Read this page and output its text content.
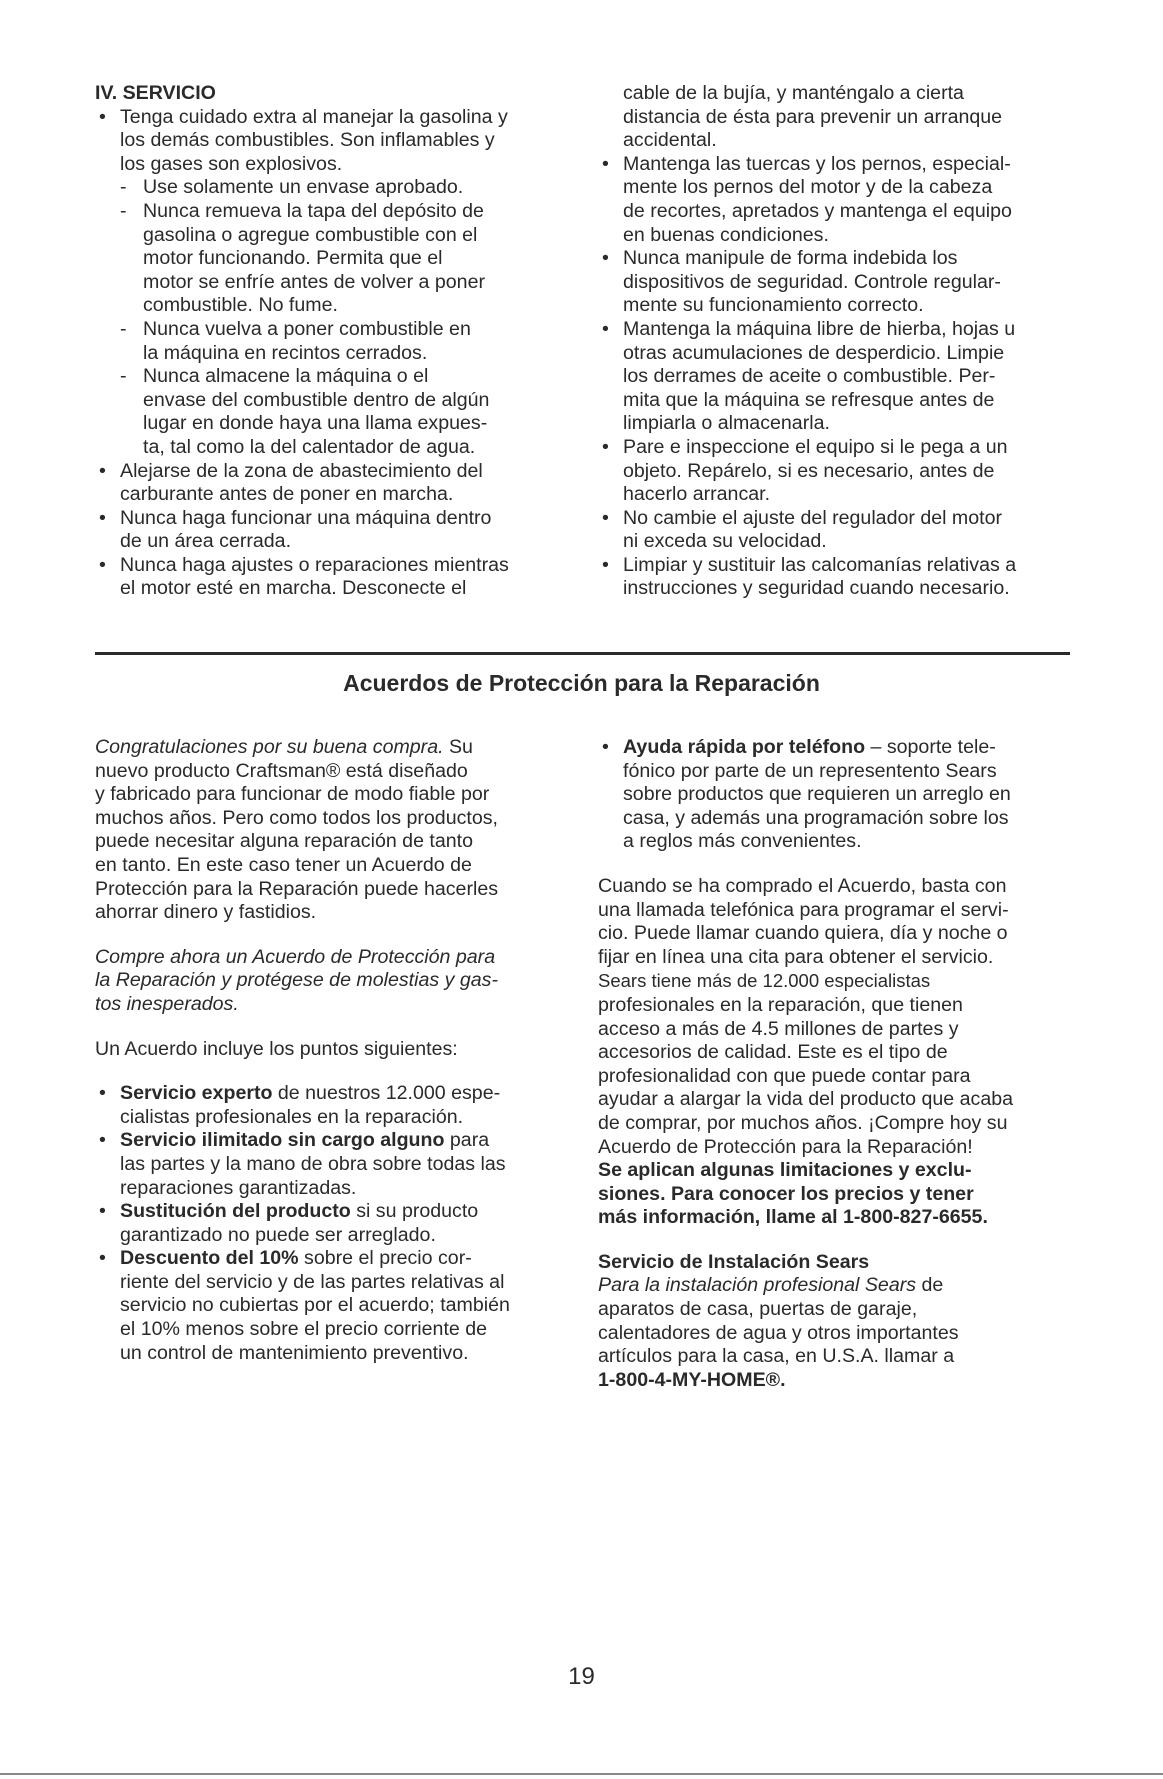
IV. SERVICIO

• Tenga cuidado extra al manejar la gasolina y

los demás combustibles. Son inflamables y

los gases son explosivos.

- Use solamente un envase aprobado.

- Nunca remueva la tapa del depósito de

gasolina o agregue combustible con el

motor funcionando. Permita que el

motor se enfríe antes de volver a poner

combustible. No fume.

- Nunca vuelva a poner combustible en

la máquina en recintos cerrados.

- Nunca almacene la máquina o el

envase del combustible dentro de algún

lugar en donde haya una llama expues-

ta, tal como la del calentador de agua.

• Alejarse de la zona de abastecimiento del

carburante antes de poner en marcha.

• Nunca haga funcionar una máquina dentro

de un área cerrada.

• Nunca haga ajustes o reparaciones mientras

el motor esté en marcha. Desconecte el

cable de la bujía, y manténgalo a cierta

distancia de ésta para prevenir un arranque

accidental.

• Mantenga las tuercas y los pernos, especial-

mente los pernos del motor y de la cabeza

de recortes, apretados y mantenga el equipo

en buenas condiciones.

• Nunca manipule de forma indebida los

dispositivos de seguridad. Controle regular-

mente su funcionamiento correcto.

• Mantenga la máquina libre de hierba, hojas u

otras acumulaciones de desperdicio. Limpie

los derrames de aceite o combustible. Per-

mita que la máquina se refresque antes de

limpiarla o almacenarla.

• Pare e inspeccione el equipo si le pega a un

objeto. Repárelo, si es necesario, antes de

hacerlo arrancar.

• No cambie el ajuste del regulador del motor

ni exceda su velocidad.

• Limpiar y sustituir las calcomanías relativas a

instrucciones y seguridad cuando necesario.

Acuerdos de Protección para la Reparación

Congratulaciones por su buena compra. Su

nuevo producto Craftsman® está diseñado

y fabricado para funcionar de modo fiable por

muchos años. Pero como todos los productos,

puede necesitar alguna reparación de tanto

en tanto. En este caso tener un Acuerdo de

Protección para la Reparación puede hacerles

ahorrar dinero y fastidios.

Compre ahora un Acuerdo de Protección para

la Reparación y protégese de molestias y gas-

tos inesperados.

Un Acuerdo incluye los puntos siguientes:

• Servicio experto de nuestros 12.000 espe-

cialistas profesionales en la reparación.

• Servicio ilimitado sin cargo alguno para

las partes y la mano de obra sobre todas las

reparaciones garantizadas.

• Sustitución del producto si su producto

garantizado no puede ser arreglado.

• Descuento del 10% sobre el precio cor-

riente del servicio y de las partes relativas al

servicio no cubiertas por el acuerdo; también

el 10% menos sobre el precio corriente de

un control de mantenimiento preventivo.

• Ayuda rápida por teléfono – soporte tele-

fónico por parte de un representento Sears

sobre productos que requieren un arreglo en

casa, y además una programación sobre los

a reglos más convenientes.

Cuando se ha comprado el Acuerdo, basta con

una llamada telefónica para programar el servi-

cio. Puede llamar cuando quiera, día y noche o

fijar en línea una cita para obtener el servicio.

Sears tiene más de 12.000 especialistas

profesionales en la reparación, que tienen

acceso a más de 4.5 millones de partes y

accesorios de calidad. Este es el tipo de

profesionalidad con que puede contar para

ayudar a alargar la vida del producto que acaba

de comprar, por muchos años. ¡Compre hoy su

Acuerdo de Protección para la Reparación!

Se aplican algunas limitaciones y exclu-

siones. Para conocer los precios y tener

más información, llame al 1-800-827-6655.

Servicio de Instalación Sears

Para la instalación profesional Sears de

aparatos de casa, puertas de garaje,

calentadores de agua y otros importantes

artículos para la casa, en U.S.A. llamar a

1-800-4-MY-HOME®.

19
